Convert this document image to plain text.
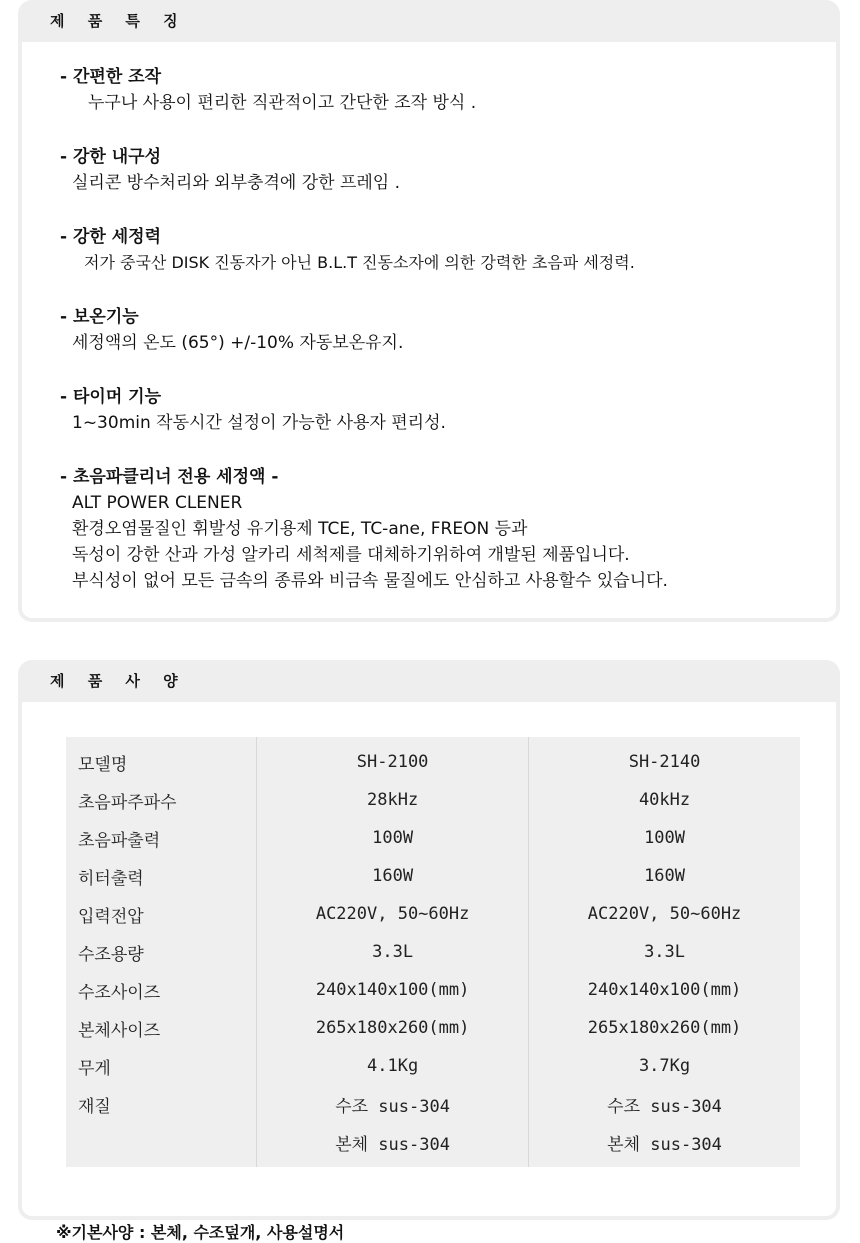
제 품 특 징
- 간편한 조작
누구나 사용이 편리한 직관적이고 간단한 조작 방식 .
- 강한 내구성
실리콘 방수처리와 외부충격에 강한 프레임 .
- 강한 세정력
저가 중국산 DISK 진동자가 아닌 B.L.T 진동소자에 의한 강력한 초음파 세정력.
- 보온기능
세정액의 온도 (65°) +/-10% 자동보온유지.
- 타이머 기능
1~30min 작동시간 설정이 가능한 사용자 편리성.
- 초음파클리너 전용 세정액 -
ALT POWER CLENER
환경오염물질인 휘발성 유기용제 TCE, TC-ane, FREON 등과
독성이 강한 산과 가성 알카리 세척제를 대체하기위하여 개발된 제품입니다.
부식성이 없어 모든 금속의 종류와 비금속 물질에도 안심하고 사용할수 있습니다.
제 품 사 양
모델명	SH-2100	SH-2140
초음파주파수	28kHz	40kHz
초음파출력	100W	100W
히터출력	160W	160W
입력전압	AC220V, 50~60Hz	AC220V, 50~60Hz
수조용량	3.3L	3.3L
수조사이즈	240x140x100(mm)	240x140x100(mm)
본체사이즈	265x180x260(mm)	265x180x260(mm)
무게	4.1Kg	3.7Kg
재질	수조 sus-304	수조 sus-304
	본체 sus-304	본체 sus-304
※기본사양 : 본체, 수조덮개, 사용설명서
